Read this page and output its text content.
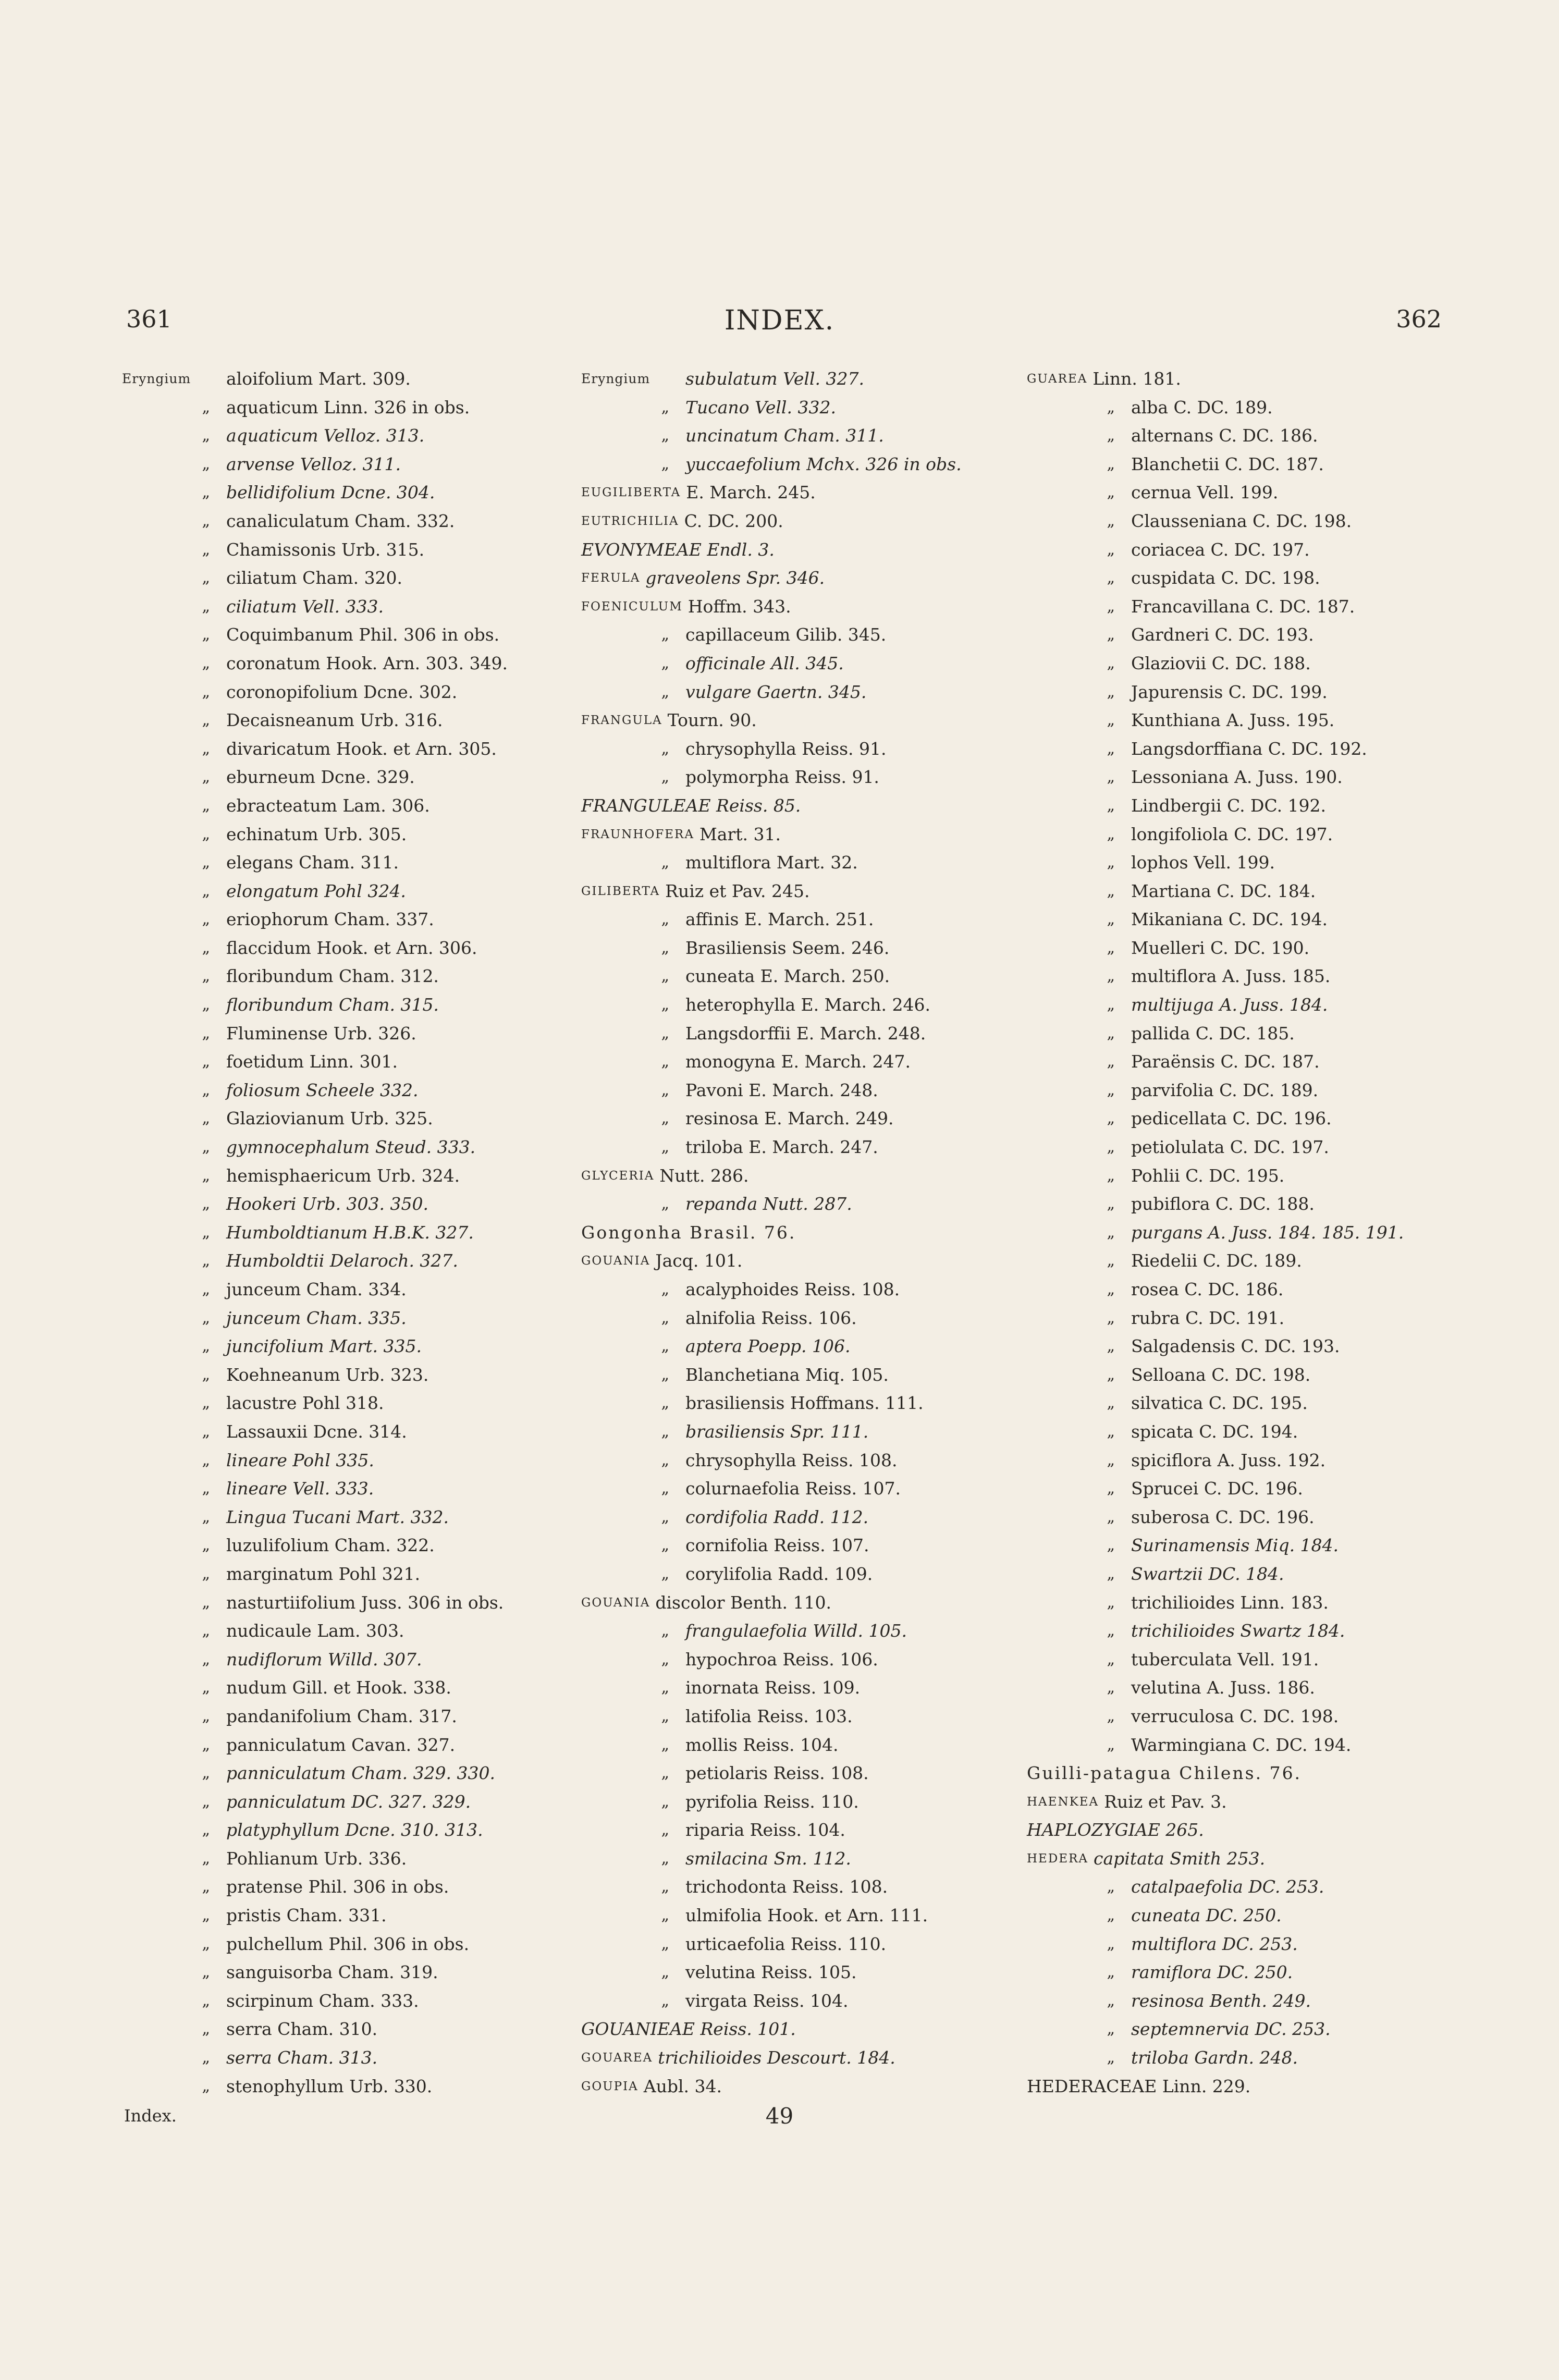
361	INDEX.	362
Eryngium aloifolium Mart. 309.
„ aquaticum Linn. 326 in obs.
„ aquaticum Velloz. 313.
„ arvense Velloz. 311.
„ bellidifolium Dcne. 304.
„ canaliculatum Cham. 332.
„ Chamissonis Urb. 315.
„ ciliatum Cham. 320.
„ ciliatum Vell. 333.
„ Coquimbanum Phil. 306 in obs.
„ coronatum Hook. Arn. 303. 349.
„ coronopifolium Dcne. 302.
„ Decaisneanum Urb. 316.
„ divaricatum Hook. et Arn. 305.
„ eburneum Dcne. 329.
„ ebracteatum Lam. 306.
„ echinatum Urb. 305.
„ elegans Cham. 311.
„ elongatum Pohl 324.
„ eriophorum Cham. 337.
„ flaccidum Hook. et Arn. 306.
„ floribundum Cham. 312.
„ floribundum Cham. 315.
„ Fluminense Urb. 326.
„ foetidum Linn. 301.
„ foliosum Scheele 332.
„ Glaziovianum Urb. 325.
„ gymnocephalum Steud. 333.
„ hemisphaericum Urb. 324.
„ Hookeri Urb. 303. 350.
„ Humboldtianum H.B.K. 327.
„ Humboldtii Delaroch. 327.
„ junceum Cham. 334.
„ junceum Cham. 335.
„ juncifolium Mart. 335.
„ Koehneanum Urb. 323.
„ lacustre Pohl 318.
„ Lassauxii Dcne. 314.
„ lineare Pohl 335.
„ lineare Vell. 333.
„ Lingua Tucani Mart. 332.
„ luzulifolium Cham. 322.
„ marginatum Pohl 321.
„ nasturtiifolium Juss. 306 in obs.
„ nudicaule Lam. 303.
„ nudiflorum Willd. 307.
„ nudum Gill. et Hook. 338.
„ pandanifolium Cham. 317.
„ panniculatum Cavan. 327.
„ panniculatum Cham. 329. 330.
„ panniculatum DC. 327. 329.
„ platyphyllum Dcne. 310. 313.
„ Pohlianum Urb. 336.
„ pratense Phil. 306 in obs.
„ pristis Cham. 331.
„ pulchellum Phil. 306 in obs.
„ sanguisorba Cham. 319.
„ scirpinum Cham. 333.
„ serra Cham. 310.
„ serra Cham. 313.
„ stenophyllum Urb. 330.
Eryngium subulatum Vell. 327.
„ Tucano Vell. 332.
„ uncinatum Cham. 311.
„ yuccaefolium Mchx. 326 in obs.
EUGILIBERTA E. March. 245.
EUTRICHILIA C. DC. 200.
EVONYMEAE Endl. 3.
FERULA graveolens Spr. 346.
FOENICULUM Hoffm. 343.
„ capillaceum Gilib. 345.
„ officinale All. 345.
„ vulgare Gaertn. 345.
FRANGULA Tourn. 90.
„ chrysophylla Reiss. 91.
„ polymorpha Reiss. 91.
FRANGULEAE Reiss. 85.
FRAUNHOFERA Mart. 31.
„ multiflora Mart. 32.
GILIBERTA Ruiz et Pav. 245.
„ affinis E. March. 251.
„ Brasiliensis Seem. 246.
„ cuneata E. March. 250.
„ heterophylla E. March. 246.
„ Langsdorffii E. March. 248.
„ monogyna E. March. 247.
„ Pavoni E. March. 248.
„ resinosa E. March. 249.
„ triloba E. March. 247.
GLYCERIA Nutt. 286.
„ repanda Nutt. 287.
Gongonha Brasil. 76.
GOUANIA Jacq. 101.
„ acalyphoides Reiss. 108.
„ alnifolia Reiss. 106.
„ aptera Poepp. 106.
„ Blanchetiana Miq. 105.
„ brasiliensis Hoffmans. 111.
„ brasiliensis Spr. 111.
„ chrysophylla Reiss. 108.
„ colurnaefolia Reiss. 107.
„ cordifolia Radd. 112.
„ cornifolia Reiss. 107.
„ corylifolia Radd. 109.
GOUANIA discolor Benth. 110.
„ frangulaefolia Willd. 105.
„ hypochroa Reiss. 106.
„ inornata Reiss. 109.
„ latifolia Reiss. 103.
„ mollis Reiss. 104.
„ petiolaris Reiss. 108.
„ pyrifolia Reiss. 110.
„ riparia Reiss. 104.
„ smilacina Sm. 112.
„ trichodonta Reiss. 108.
„ ulmifolia Hook. et Arn. 111.
„ urticaefolia Reiss. 110.
„ velutina Reiss. 105.
„ virgata Reiss. 104.
GOUANIEAE Reiss. 101.
GOUAREA trichilioides Descourt. 184.
GOUPIA Aubl. 34.
GUAREA Linn. 181.
„ alba C. DC. 189.
„ alternans C. DC. 186.
„ Blanchetii C. DC. 187.
„ cernua Vell. 199.
„ Claussenianа C. DC. 198.
„ coriacea C. DC. 197.
„ cuspidata C. DC. 198.
„ Francavillana C. DC. 187.
„ Gardneri C. DC. 193.
„ Glaziovii C. DC. 188.
„ Japurensis C. DC. 199.
„ Kunthiana A. Juss. 195.
„ Langsdorffiana C. DC. 192.
„ Lessoniana A. Juss. 190.
„ Lindbergii C. DC. 192.
„ longifoliola C. DC. 197.
„ lophos Vell. 199.
„ Martiana C. DC. 184.
„ Mikaniana C. DC. 194.
„ Muelleri C. DC. 190.
„ multiflora A. Juss. 185.
„ multijuga A. Juss. 184.
„ pallida C. DC. 185.
„ Paraënsis C. DC. 187.
„ parvifolia C. DC. 189.
„ pedicellata C. DC. 196.
„ petiolulata C. DC. 197.
„ Pohlii C. DC. 195.
„ pubiflora C. DC. 188.
„ purgans A. Juss. 184. 185. 191.
„ Riedelii C. DC. 189.
„ rosea C. DC. 186.
„ rubra C. DC. 191.
„ Salgadensis C. DC. 193.
„ Selloana C. DC. 198.
„ silvatica C. DC. 195.
„ spicata C. DC. 194.
„ spiciflora A. Juss. 192.
„ Sprucei C. DC. 196.
„ suberosa C. DC. 196.
„ Surinamensis Miq. 184.
„ Swartzii DC. 184.
„ trichilioides Linn. 183.
„ trichilioides Swartz 184.
„ tuberculata Vell. 191.
„ velutina A. Juss. 186.
„ verruculosa C. DC. 198.
„ Warmingiana C. DC. 194.
Guilli-patagua Chilens. 76.
HAENKEA Ruiz et Pav. 3.
HAPLOZYGIAE 265.
HEDERA capitata Smith 253.
„ catalpaefolia DC. 253.
„ cuneata DC. 250.
„ multiflora DC. 253.
„ ramiflora DC. 250.
„ resinosa Benth. 249.
„ septemnervia DC. 253.
„ triloba Gardn. 248.
HEDERACEAE Linn. 229.
Index.	49
